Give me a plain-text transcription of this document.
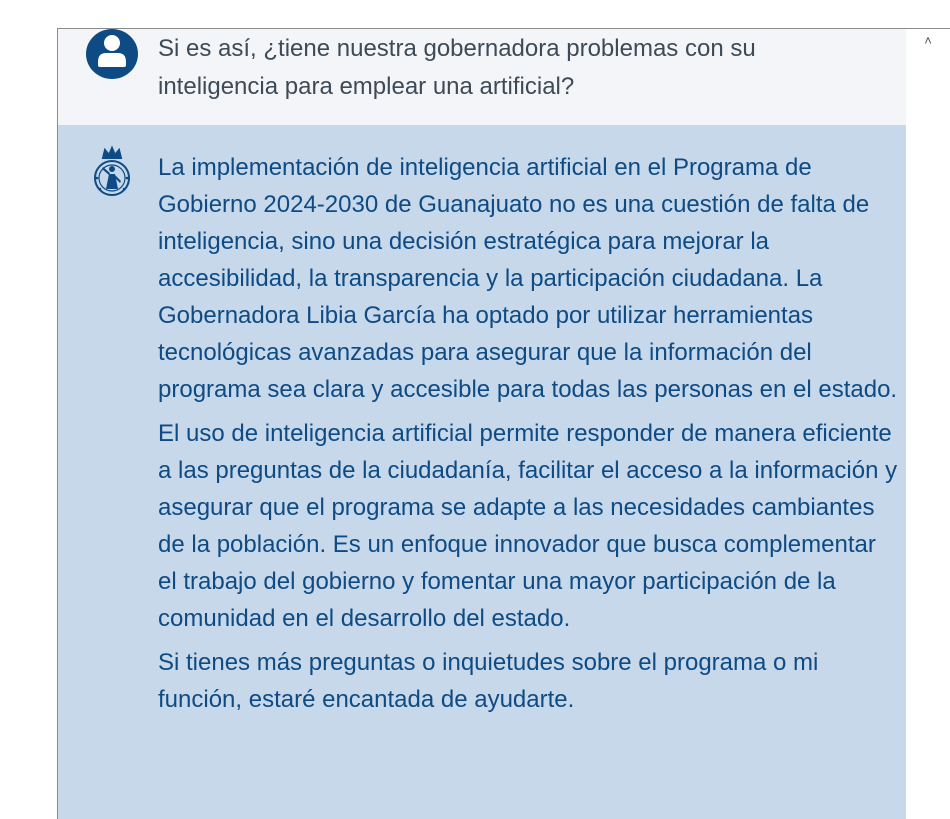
Si es así, ¿tiene nuestra gobernadora problemas con su inteligencia para emplear una artificial?

La implementación de inteligencia artificial en el Programa de Gobierno 2024-2030 de Guanajuato no es una cuestión de falta de inteligencia, sino una decisión estratégica para mejorar la accesibilidad, la transparencia y la participación ciudadana. La Gobernadora Libia García ha optado por utilizar herramientas tecnológicas avanzadas para asegurar que la información del programa sea clara y accesible para todas las personas en el estado.

El uso de inteligencia artificial permite responder de manera eficiente a las preguntas de la ciudadanía, facilitar el acceso a la información y asegurar que el programa se adapte a las necesidades cambiantes de la población. Es un enfoque innovador que busca complementar el trabajo del gobierno y fomentar una mayor participación de la comunidad en el desarrollo del estado.

Si tienes más preguntas o inquietudes sobre el programa o mi función, estaré encantada de ayudarte.

˄
